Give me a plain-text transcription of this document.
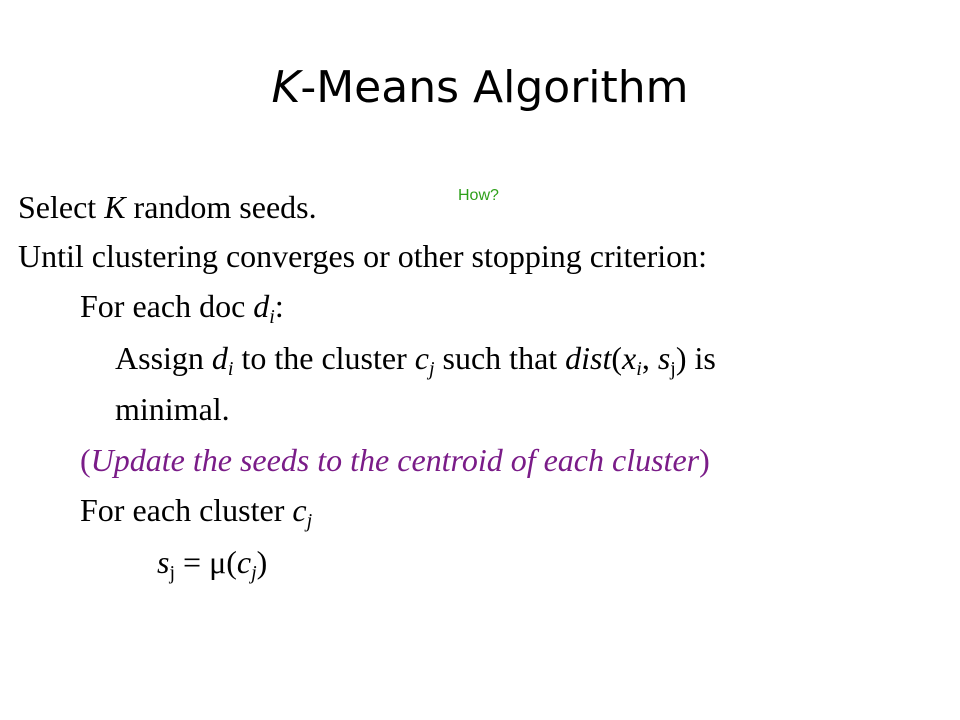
K-Means Algorithm
How?
Select K random seeds.
Until clustering converges or other stopping criterion:
For each doc $d_i$:
Assign $d_i$ to the cluster $c_j$ such that $dist(x_i$, $s_j$) is
minimal.
(Update the seeds to the centroid of each cluster)
For each cluster $c_j$
$s_j = \mu(c_j)$
